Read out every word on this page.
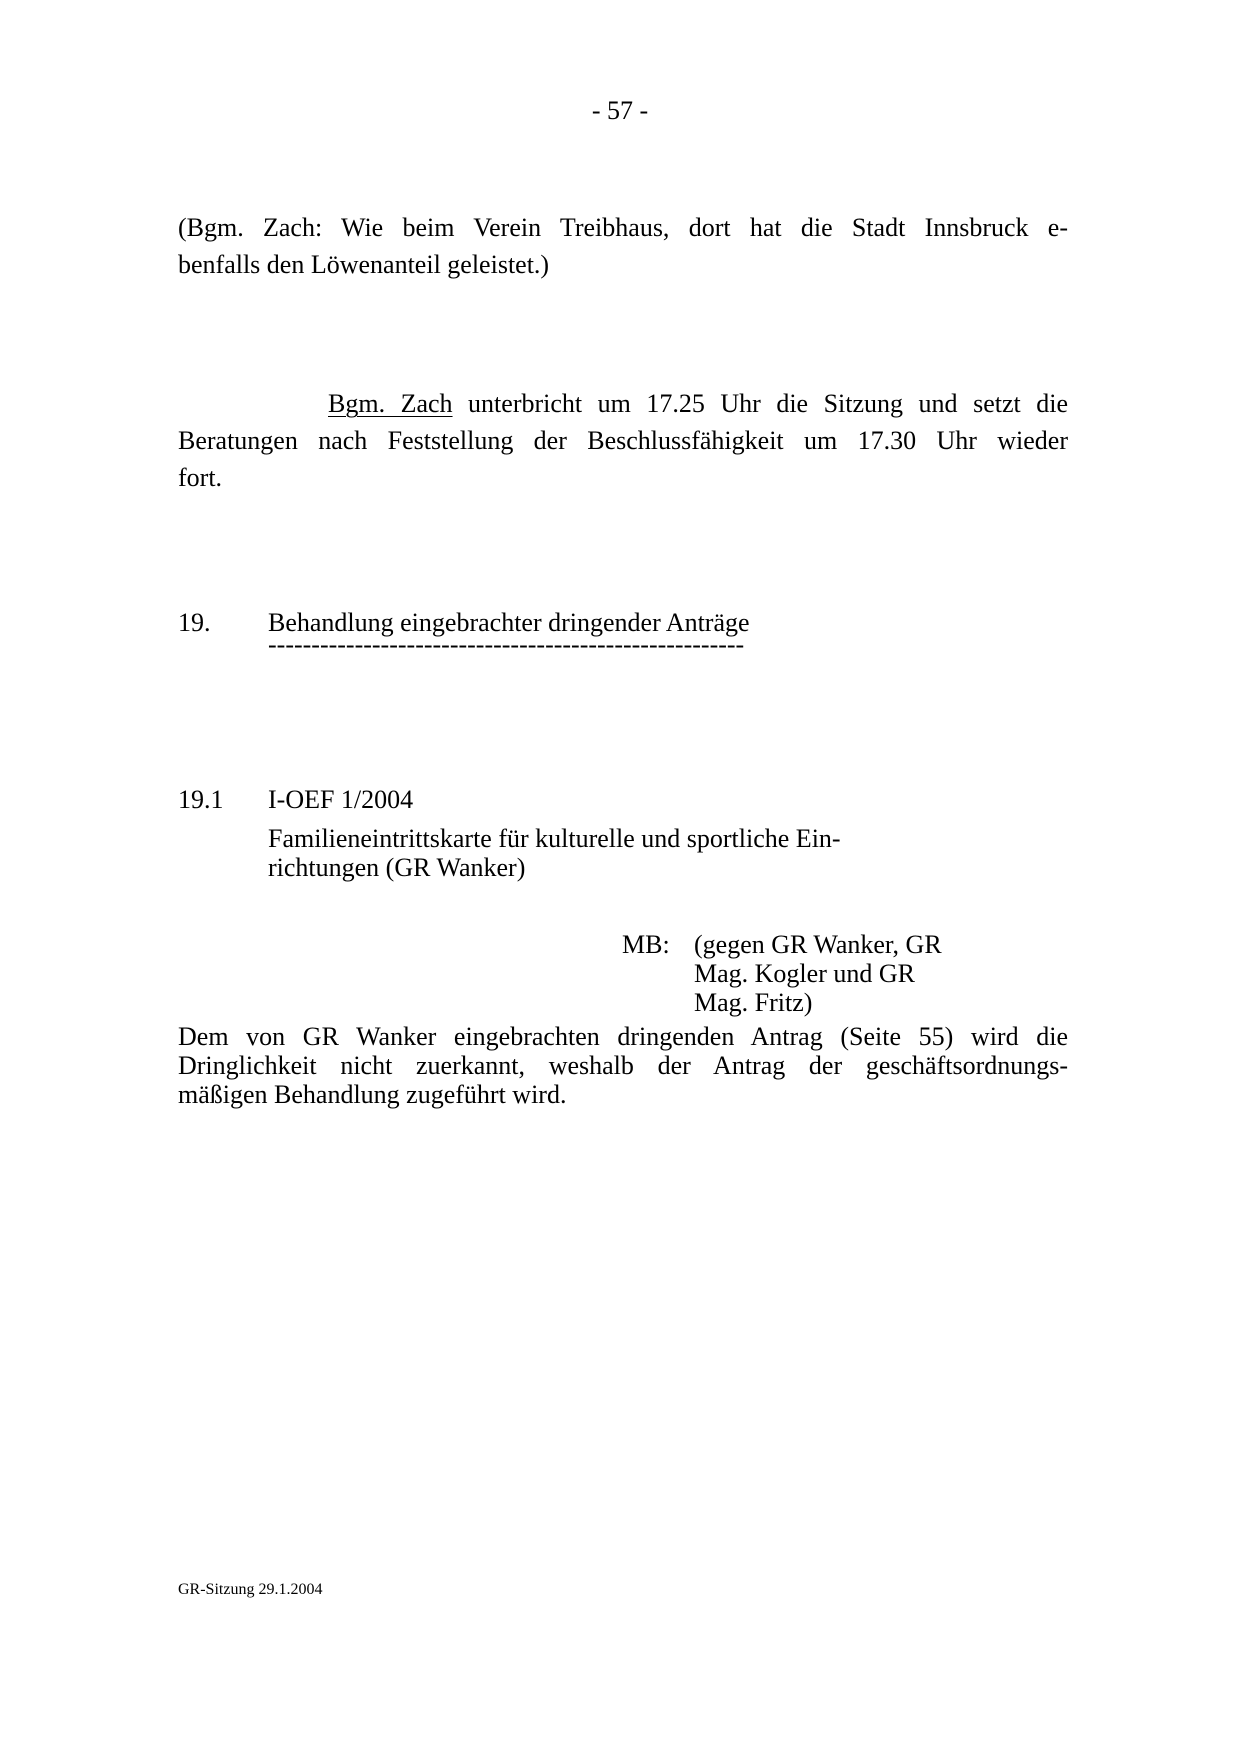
- 57 -
(Bgm. Zach: Wie beim Verein Treibhaus, dort hat die Stadt Innsbruck e-
benfalls den Löwenanteil geleistet.)
Bgm. Zach unterbricht um 17.25 Uhr die Sitzung und setzt die
Beratungen nach Feststellung der Beschlussfähigkeit um 17.30 Uhr wieder
fort.
19. Behandlung eingebrachter dringender Anträge
-------------------------------------------------------
19.1 I-OEF 1/2004
Familieneintrittskarte für kulturelle und sportliche Ein-
richtungen (GR Wanker)
MB: (gegen GR Wanker, GR
Mag. Kogler und GR
Mag. Fritz)
Dem von GR Wanker eingebrachten dringenden Antrag (Seite 55) wird die
Dringlichkeit nicht zuerkannt, weshalb der Antrag der geschäftsordnungs-
mäßigen Behandlung zugeführt wird.
GR-Sitzung 29.1.2004
